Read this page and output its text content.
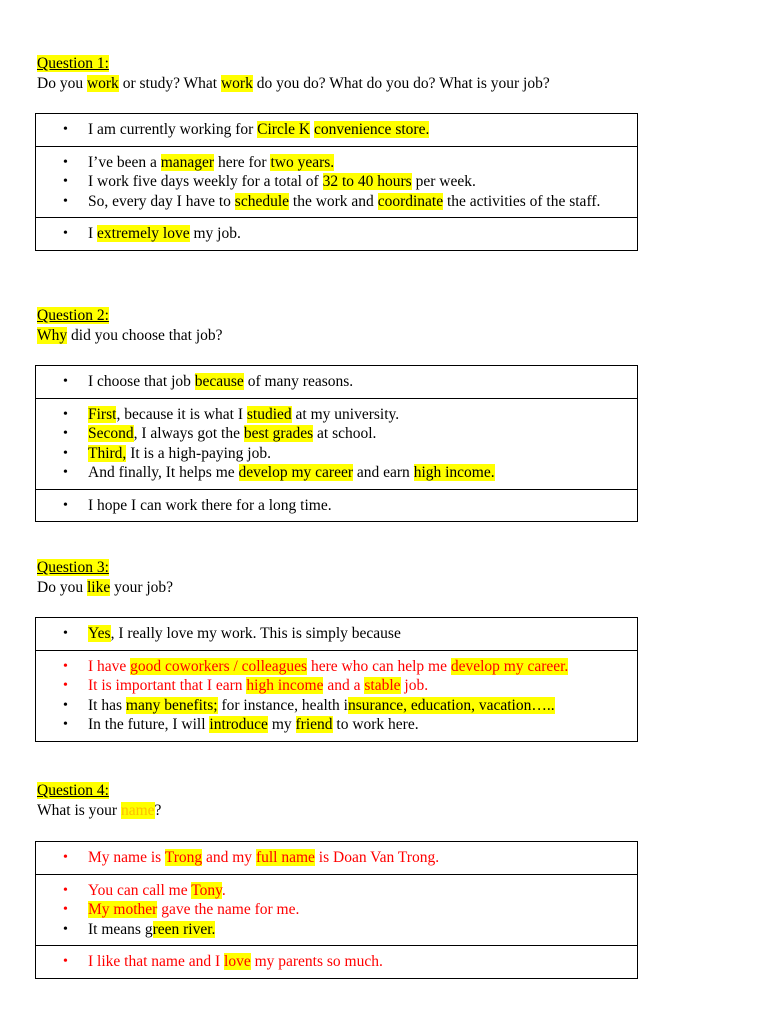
Question 1:
Do you work or study? What work do you do? What do you do? What is your job?
• I am currently working for Circle K convenience store.
• I’ve been a manager here for two years.
• I work five days weekly for a total of 32 to 40 hours per week.
• So, every day I have to schedule the work and coordinate the activities of the staff.
• I extremely love my job.
Question 2:
Why did you choose that job?
• I choose that job because of many reasons.
• First, because it is what I studied at my university.
• Second, I always got the best grades at school.
• Third, It is a high-paying job.
• And finally, It helps me develop my career and earn high income.
• I hope I can work there for a long time.
Question 3:
Do you like your job?
• Yes, I really love my work. This is simply because
• I have good coworkers / colleagues here who can help me develop my career.
• It is important that I earn high income and a stable job.
• It has many benefits; for instance, health insurance, education, vacation…..
• In the future, I will introduce my friend to work here.
Question 4:
What is your name?
• My name is Trong and my full name is Doan Van Trong.
• You can call me Tony.
• My mother gave the name for me.
• It means green river.
• I like that name and I love my parents so much.
